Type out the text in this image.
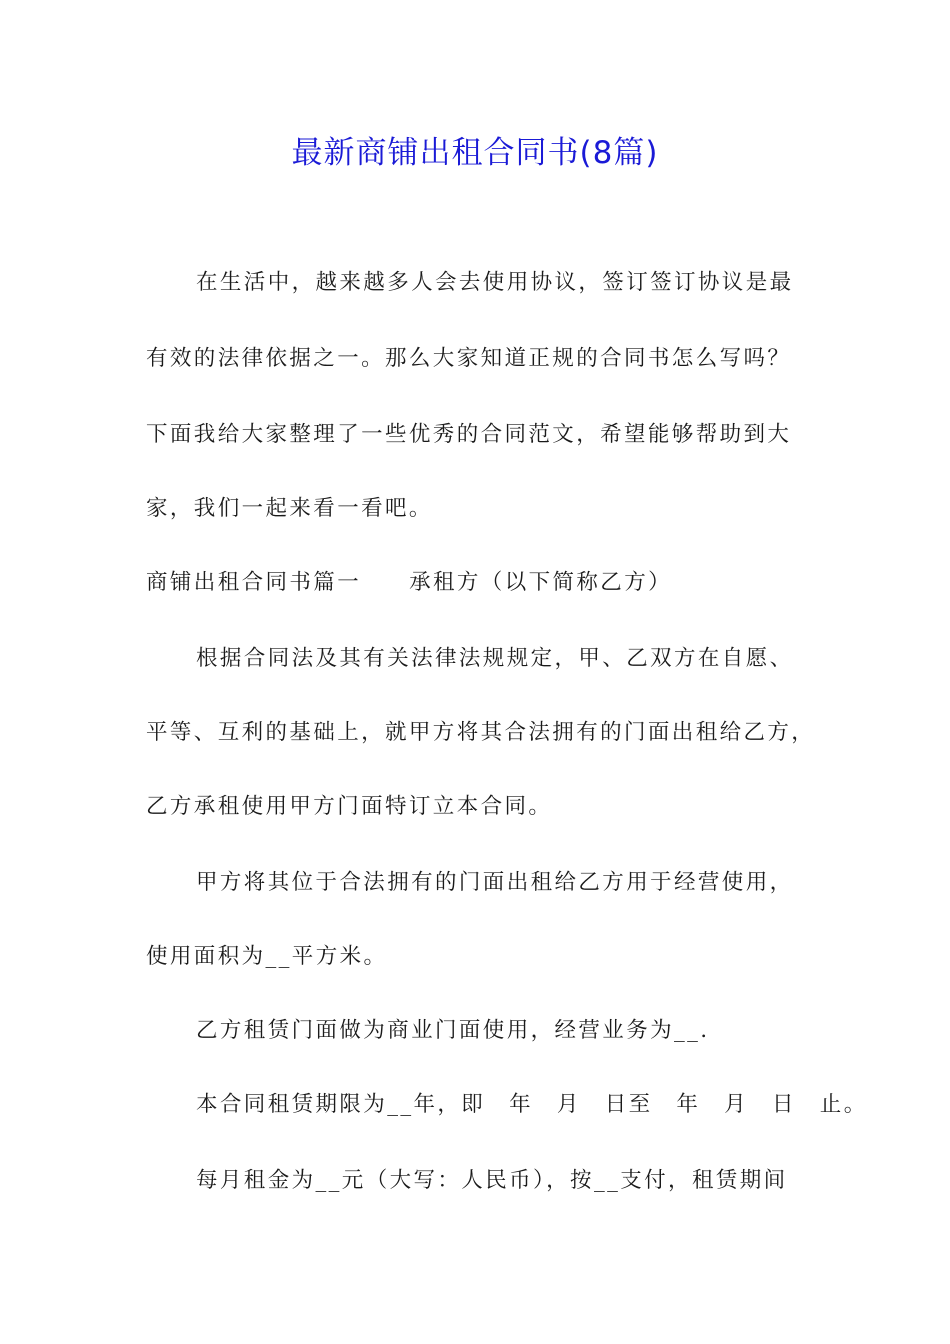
最新商铺出租合同书(8篇)
在生活中，越来越多人会去使用协议，签订签订协议是最
有效的法律依据之一。那么大家知道正规的合同书怎么写吗？
下面我给大家整理了一些优秀的合同范文，希望能够帮助到大
家，我们一起来看一看吧。
商铺出租合同书篇一 承租方（以下简称乙方）
根据合同法及其有关法律法规规定，甲、乙双方在自愿、
平等、互利的基础上，就甲方将其合法拥有的门面出租给乙方，
乙方承租使用甲方门面特订立本合同。
甲方将其位于合法拥有的门面出租给乙方用于经营使用，
使用面积为__平方米。
乙方租赁门面做为商业门面使用，经营业务为__.
本合同租赁期限为__年，即　年　月　日至　年　月　日　止。
每月租金为__元（大写：人民币），按__支付，租赁期间
